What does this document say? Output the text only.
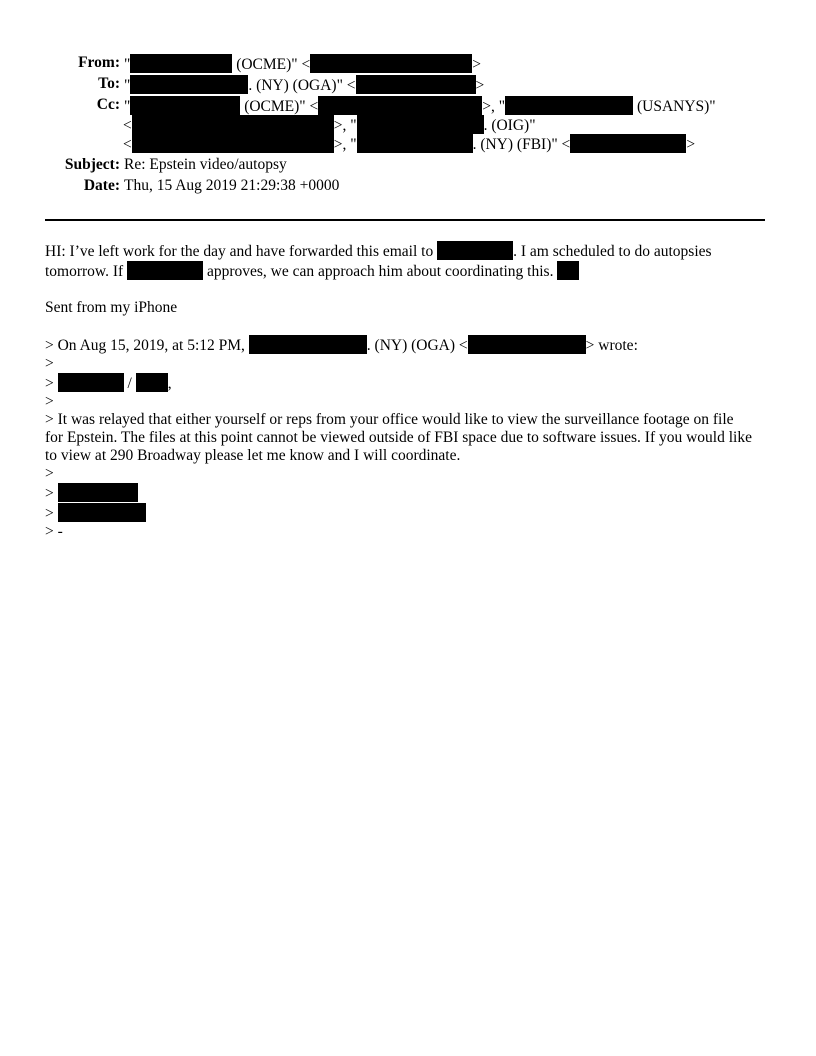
From: "	(OCME)" <	>
To: "	. (NY) (OGA)" <	>
Cc: "	(OCME)" <	>, "	(USANYS)"
<	>, "	. (OIG)"
<	>, "	. (NY) (FBI)" <	>
Subject: Re: Epstein video/autopsy
Date: Thu, 15 Aug 2019 21:29:38 +0000

HI: I’ve left work for the day and have forwarded this email to	. I am scheduled to do autopsies tomorrow. If	approves, we can approach him about coordinating this.

Sent from my iPhone

> On Aug 15, 2019, at 5:12 PM,	. (NY) (OGA) <	> wrote:

>

>	/ ,

>

> It was relayed that either yourself or reps from your office would like to view the surveillance footage on file for Epstein. The files at this point cannot be viewed outside of FBI space due to software issues. If you would like to view at 290 Broadway please let me know and I will coordinate.

>

>

>

> -
